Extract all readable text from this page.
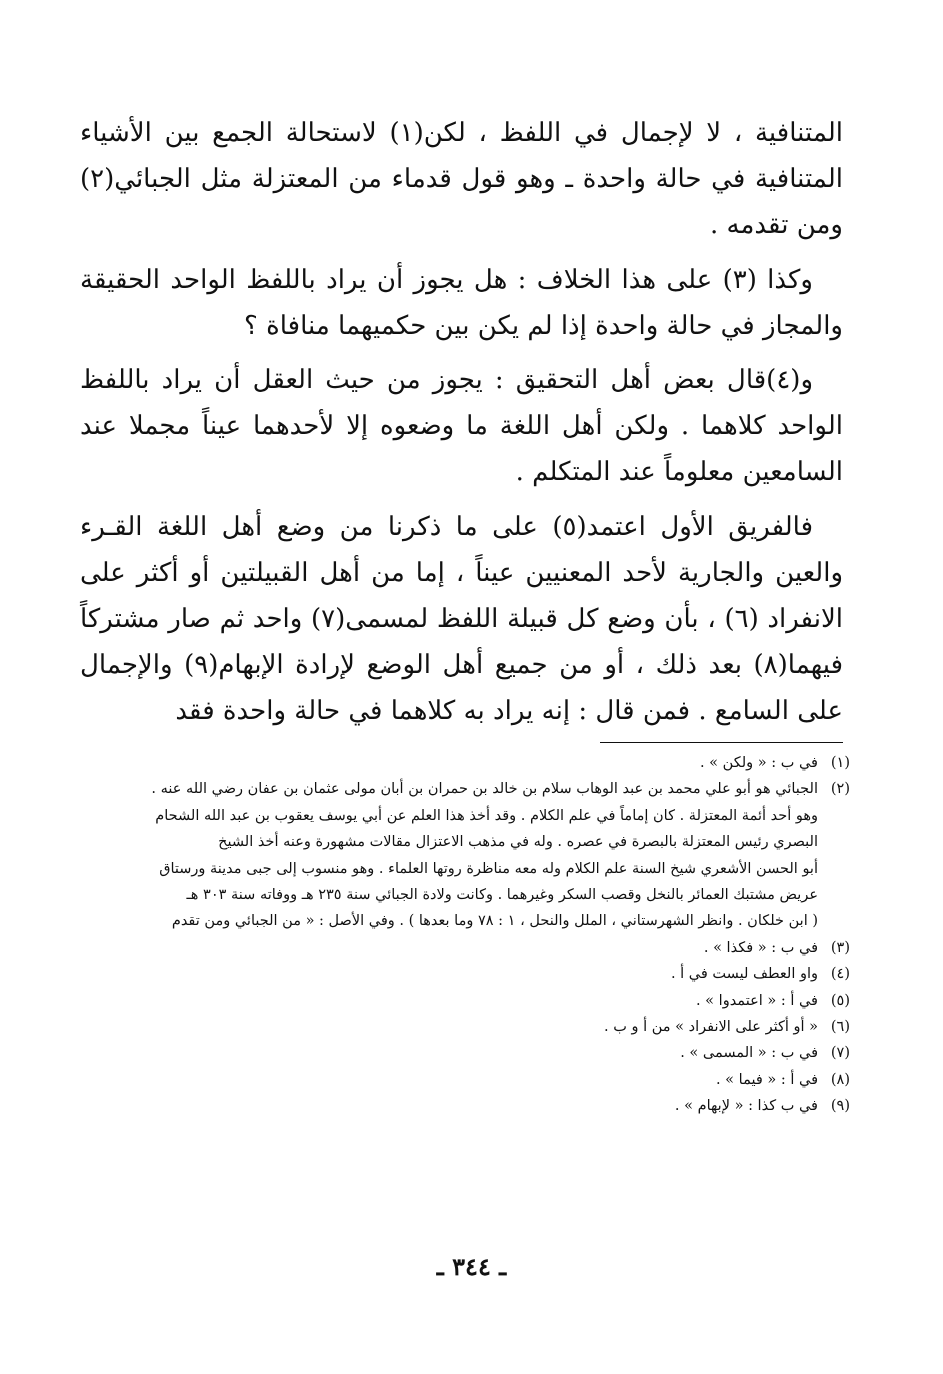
المتنافية ، لا لإجمال في اللفظ ، لكن(١) لاستحالة الجمع بين الأشياء المتنافية في حالة واحدة ـ وهو قول قدماء من المعتزلة مثل الجبائي(٢) ومن تقدمه .

وكذا (٣) على هذا الخلاف : هل يجوز أن يراد باللفظ الواحد الحقيقة والمجاز في حالة واحدة إذا لم يكن بين حكميهما منافاة ؟

و(٤)قال بعض أهل التحقيق : يجوز من حيث العقل أن يراد باللفظ الواحد كلاهما . ولكن أهل اللغة ما وضعوه إلا لأحدهما عيناً مجملا عند السامعين معلوماً عند المتكلم .

فالفريق الأول اعتمد(٥) على ما ذكرنا من وضع أهل اللغة القـرء والعين والجارية لأحد المعنيين عيناً ، إما من أهل القبيلتين أو أكثر على الانفراد (٦) ، بأن وضع كل قبيلة اللفظ لمسمى(٧) واحد ثم صار مشتركاً فيهما(٨) بعد ذلك ، أو من جميع أهل الوضع لإرادة الإبهام(٩) والإجمال على السامع . فمن قال : إنه يراد به كلاهما في حالة واحدة فقد

(١)
في ب : « ولكن » .
(٢)
الجبائي هو أبو علي محمد بن عبد الوهاب سلام بن خالد بن حمران بن أبان مولى عثمان بن عفان رضي الله عنه .
وهو أحد أئمة المعتزلة . كان إماماً في علم الكلام . وقد أخذ هذا العلم عن أبي يوسف يعقوب بن عبد الله الشحام
البصري رئيس المعتزلة بالبصرة في عصره . وله في مذهب الاعتزال مقالات مشهورة وعنه أخذ الشيخ
أبو الحسن الأشعري شيخ السنة علم الكلام وله معه مناظرة روتها العلماء . وهو منسوب إلى جبى مدينة ورستاق
عريض مشتبك العمائر بالنخل وقصب السكر وغيرهما . وكانت ولادة الجبائي سنة ٢٣٥ هـ ووفاته سنة ٣٠٣ هـ
( ابن خلكان . وانظر الشهرستاني ، الملل والنحل ، ١ : ٧٨ وما بعدها ) . وفي الأصل : « من الجبائي ومن تقدم
(٣)
في ب : « فكذا » .
(٤)
واو العطف ليست في أ .
(٥)
في أ : « اعتمدوا » .
(٦)
« أو أكثر على الانفراد » من أ و ب .
(٧)
في ب : « المسمى » .
(٨)
في أ : « فيما » .
(٩)
في ب كذا : « لإبهام » .
ـ ٣٤٤ ـ
